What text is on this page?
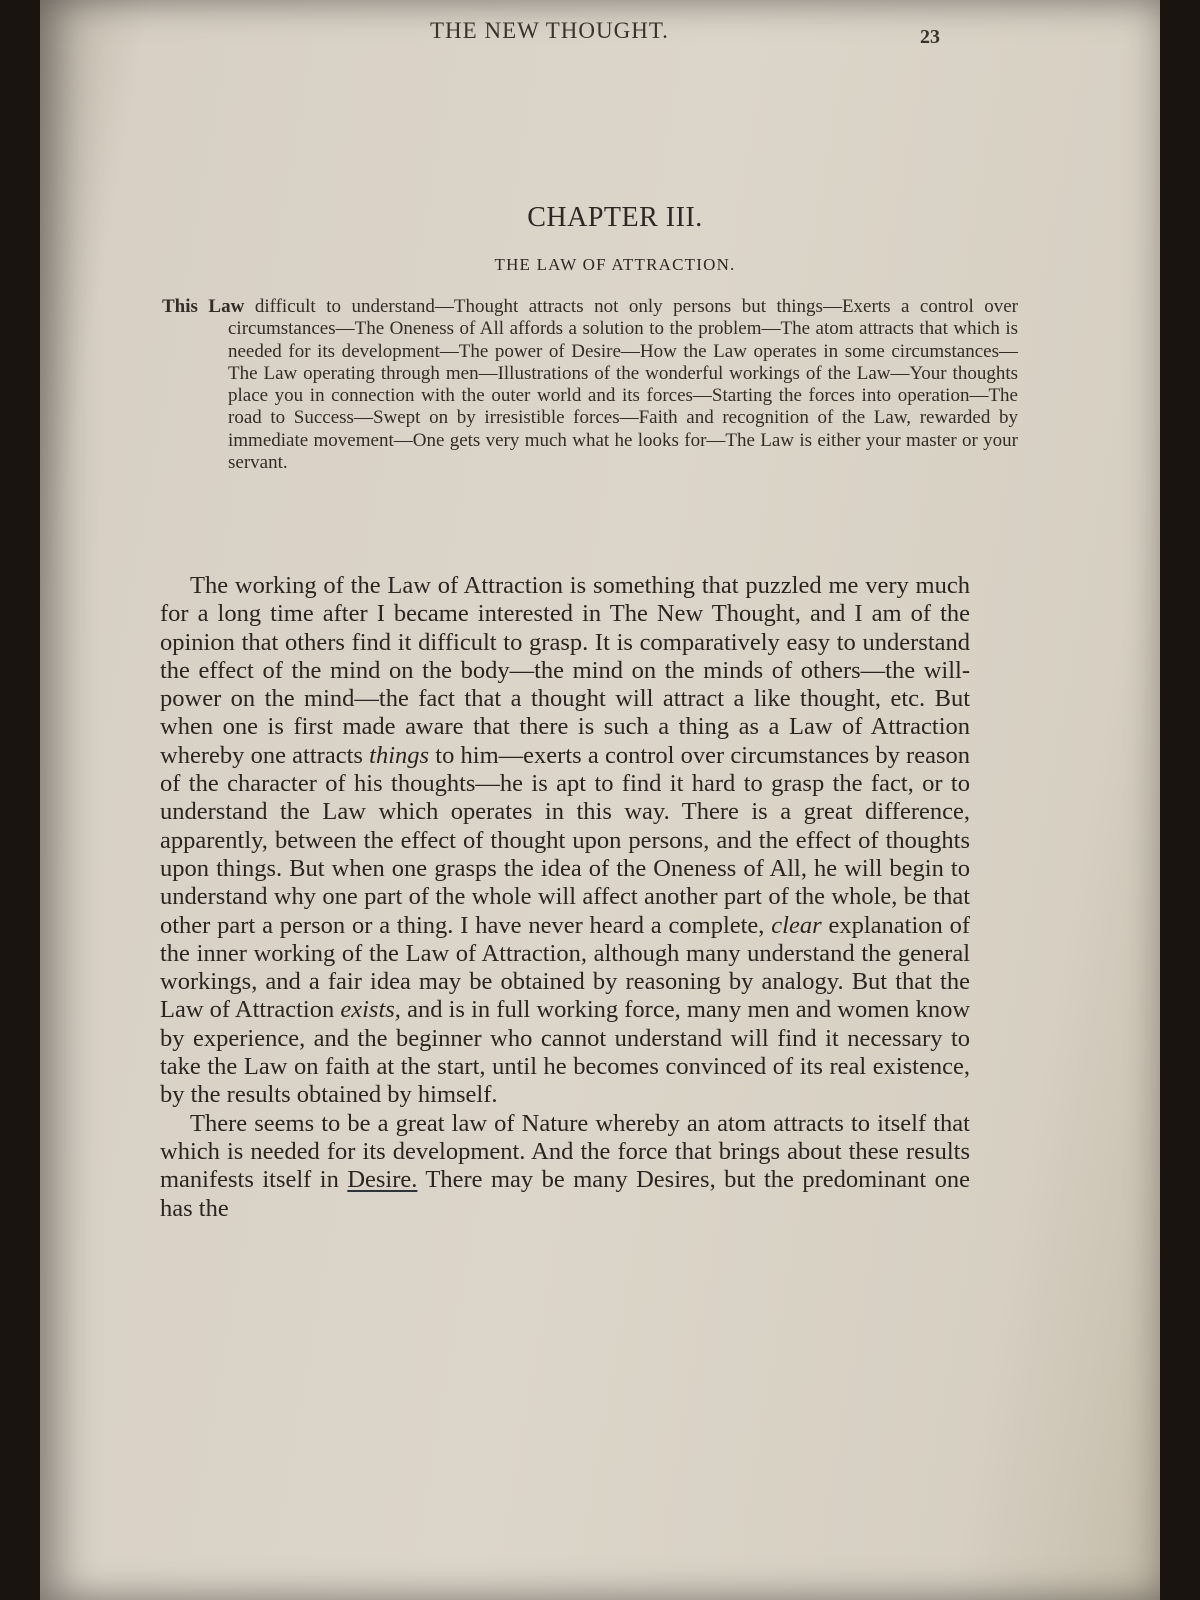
THE NEW THOUGHT.	23
CHAPTER III.
THE LAW OF ATTRACTION.
This Law difficult to understand—Thought attracts not only persons but things—Exerts a control over circumstances—The Oneness of All affords a solution to the problem—The atom attracts that which is needed for its development—The power of Desire—How the Law operates in some circumstances—The Law operating through men—Illustrations of the wonderful workings of the Law—Your thoughts place you in connection with the outer world and its forces—Starting the forces into operation—The road to Success—Swept on by irresistible forces—Faith and recognition of the Law, rewarded by immediate movement—One gets very much what he looks for—The Law is either your master or your servant.

The working of the Law of Attraction is something that puzzled me very much for a long time after I became interested in The New Thought, and I am of the opinion that others find it difficult to grasp. It is comparatively easy to understand the effect of the mind on the body—the mind on the minds of others—the will-power on the mind—the fact that a thought will attract a like thought, etc. But when one is first made aware that there is such a thing as a Law of Attraction whereby one attracts things to him—exerts a control over circumstances by reason of the character of his thoughts—he is apt to find it hard to grasp the fact, or to understand the Law which operates in this way. There is a great difference, apparently, between the effect of thought upon persons, and the effect of thoughts upon things. But when one grasps the idea of the Oneness of All, he will begin to understand why one part of the whole will affect another part of the whole, be that other part a person or a thing. I have never heard a complete, clear explanation of the inner working of the Law of Attraction, although many understand the general workings, and a fair idea may be obtained by reasoning by analogy. But that the Law of Attraction exists, and is in full working force, many men and women know by experience, and the beginner who cannot understand will find it necessary to take the Law on faith at the start, until he becomes convinced of its real existence, by the results obtained by himself.

There seems to be a great law of Nature whereby an atom attracts to itself that which is needed for its development. And the force that brings about these results manifests itself in Desire. There may be many Desires, but the predominant one has the
